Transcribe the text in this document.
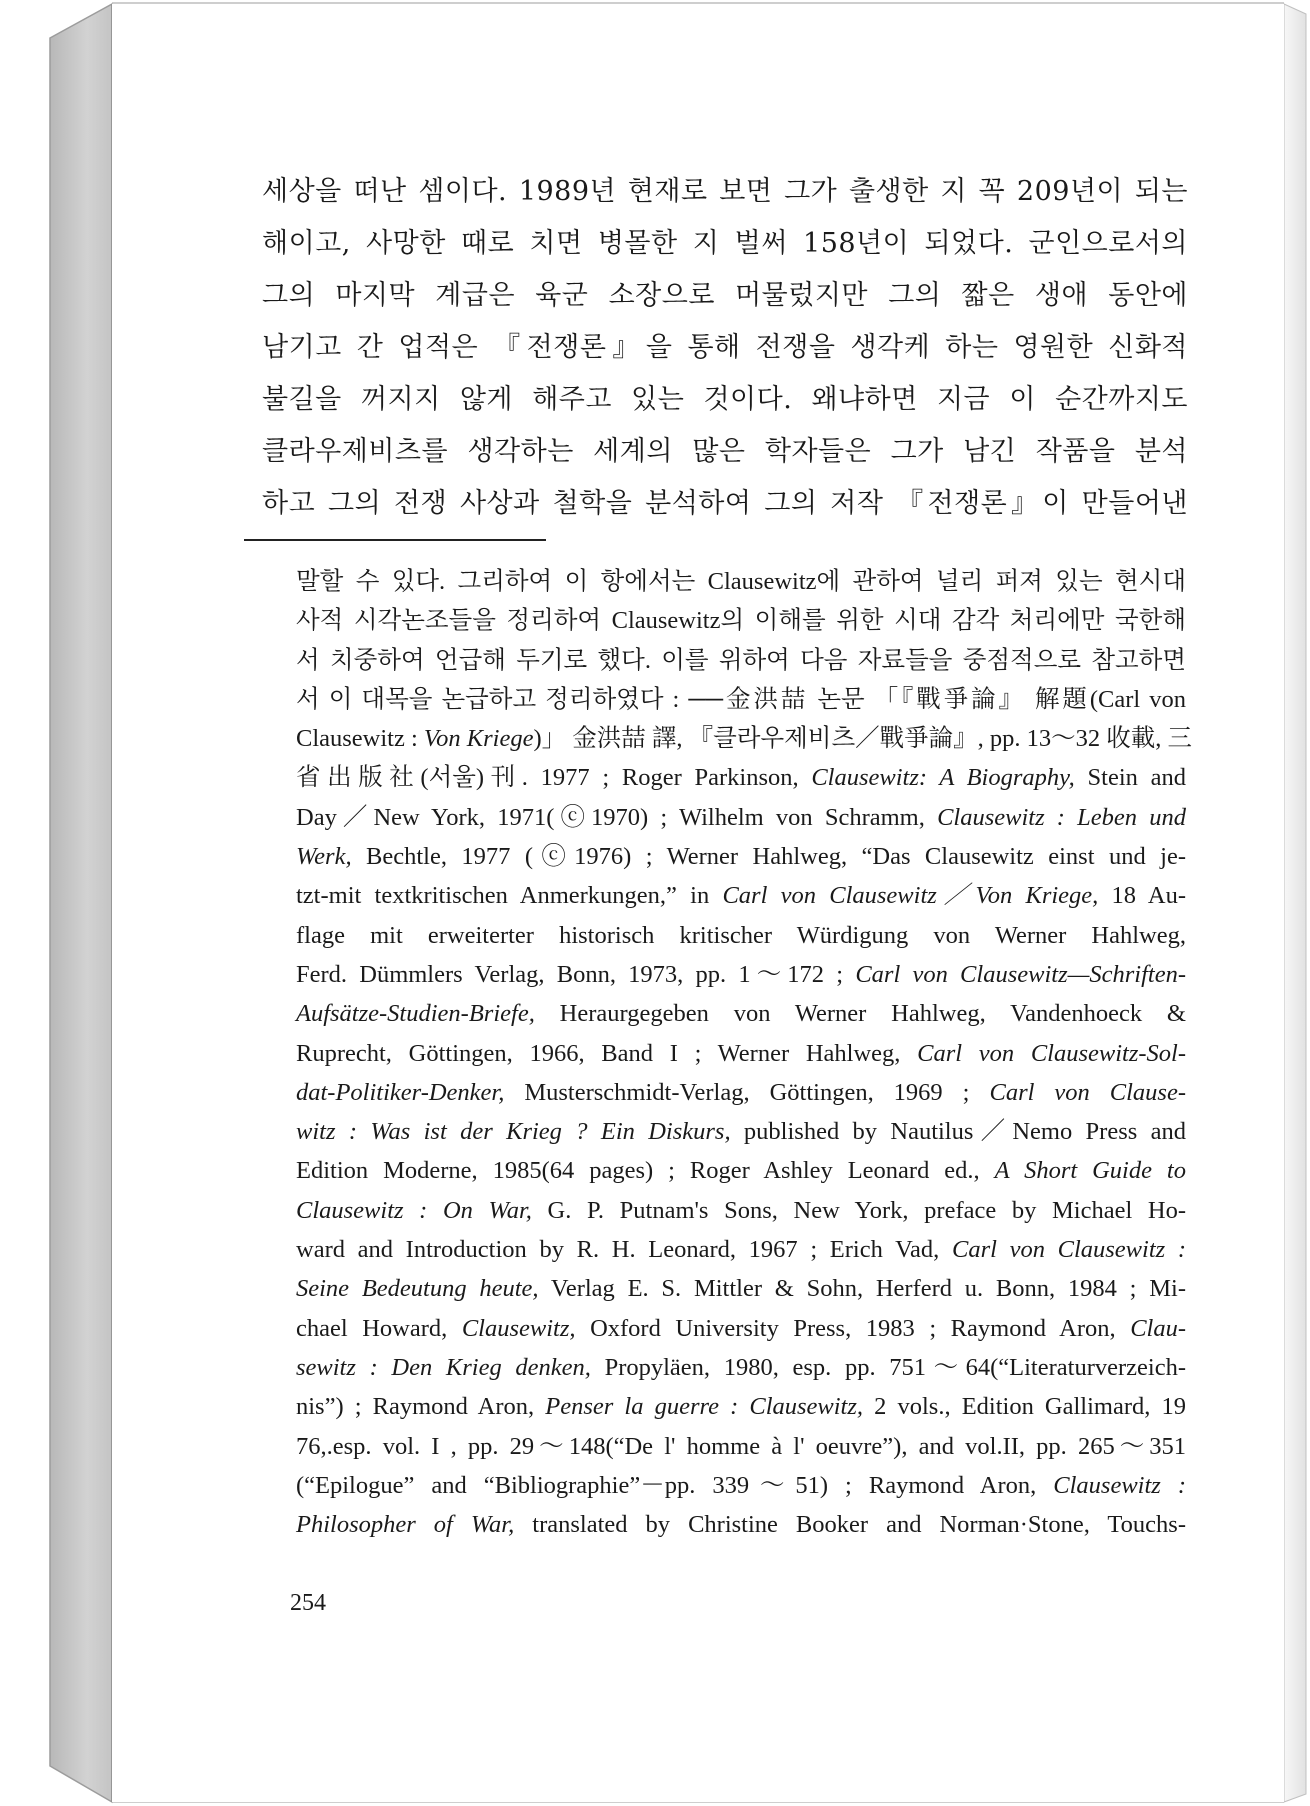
세상을 떠난 셈이다. 1989년 현재로 보면 그가 출생한 지 꼭 209년이 되는
해이고, 사망한 때로 치면 병몰한 지 벌써 158년이 되었다. 군인으로서의
그의 마지막 계급은 육군 소장으로 머물렀지만 그의 짧은 생애 동안에
남기고 간 업적은 『전쟁론』을 통해 전쟁을 생각케 하는 영원한 신화적
불길을 꺼지지 않게 해주고 있는 것이다. 왜냐하면 지금 이 순간까지도
클라우제비츠를 생각하는 세계의 많은 학자들은 그가 남긴 작품을 분석
하고 그의 전쟁 사상과 철학을 분석하여 그의 저작 『전쟁론』이 만들어낸
말할 수 있다. 그리하여 이 항에서는 Clausewitz에 관하여 널리 퍼져 있는 현시대
사적 시각논조들을 정리하여 Clausewitz의 이해를 위한 시대 감각 처리에만 국한해
서 치중하여 언급해 두기로 했다. 이를 위하여 다음 자료들을 중점적으로 참고하면
서 이 대목을 논급하고 정리하였다 : ──金洪喆 논문 「『戰爭論』 解題(Carl von
Clausewitz : Von Kriege)」 金洪喆 譯, 『클라우제비츠／戰爭論』, pp. 13～32 收載, 三
省出版社(서울)刊. 1977 ; Roger Parkinson, Clausewitz: A Biography, Stein and
Day／New York, 1971(ⓒ1970) ; Wilhelm von Schramm, Clausewitz : Leben und
Werk, Bechtle, 1977 (ⓒ1976) ; Werner Hahlweg, “Das Clausewitz einst und je-
tzt-mit textkritischen Anmerkungen,” in Carl von Clausewitz／Von Kriege, 18 Au-
flage mit erweiterter historisch kritischer Würdigung von Werner Hahlweg,
Ferd. Dümmlers Verlag, Bonn, 1973, pp. 1～172 ; Carl von Clausewitz—Schriften-
Aufsätze-Studien-Briefe, Heraurgegeben von Werner Hahlweg, Vandenhoeck &
Ruprecht, Göttingen, 1966, Band I ; Werner Hahlweg, Carl von Clausewitz-Sol-
dat-Politiker-Denker, Musterschmidt-Verlag, Göttingen, 1969 ; Carl von Clause-
witz : Was ist der Krieg ? Ein Diskurs, published by Nautilus／Nemo Press and
Edition Moderne, 1985(64 pages) ; Roger Ashley Leonard ed., A Short Guide to
Clausewitz : On War, G. P. Putnam's Sons, New York, preface by Michael Ho-
ward and Introduction by R. H. Leonard, 1967 ; Erich Vad, Carl von Clausewitz :
Seine Bedeutung heute, Verlag E. S. Mittler & Sohn, Herferd u. Bonn, 1984 ; Mi-
chael Howard, Clausewitz, Oxford University Press, 1983 ; Raymond Aron, Clau-
sewitz : Den Krieg denken, Propyläen, 1980, esp. pp. 751～64(“Literaturverzeich-
nis”) ; Raymond Aron, Penser la guerre : Clausewitz, 2 vols., Edition Gallimard, 19
76,.esp. vol. I , pp. 29～148(“De l' homme à l' oeuvre”), and vol.II, pp. 265～351
(“Epilogue” and “Bibliographie”－pp. 339～51) ; Raymond Aron, Clausewitz :
Philosopher of War, translated by Christine Booker and Norman·Stone, Touchs-
254
